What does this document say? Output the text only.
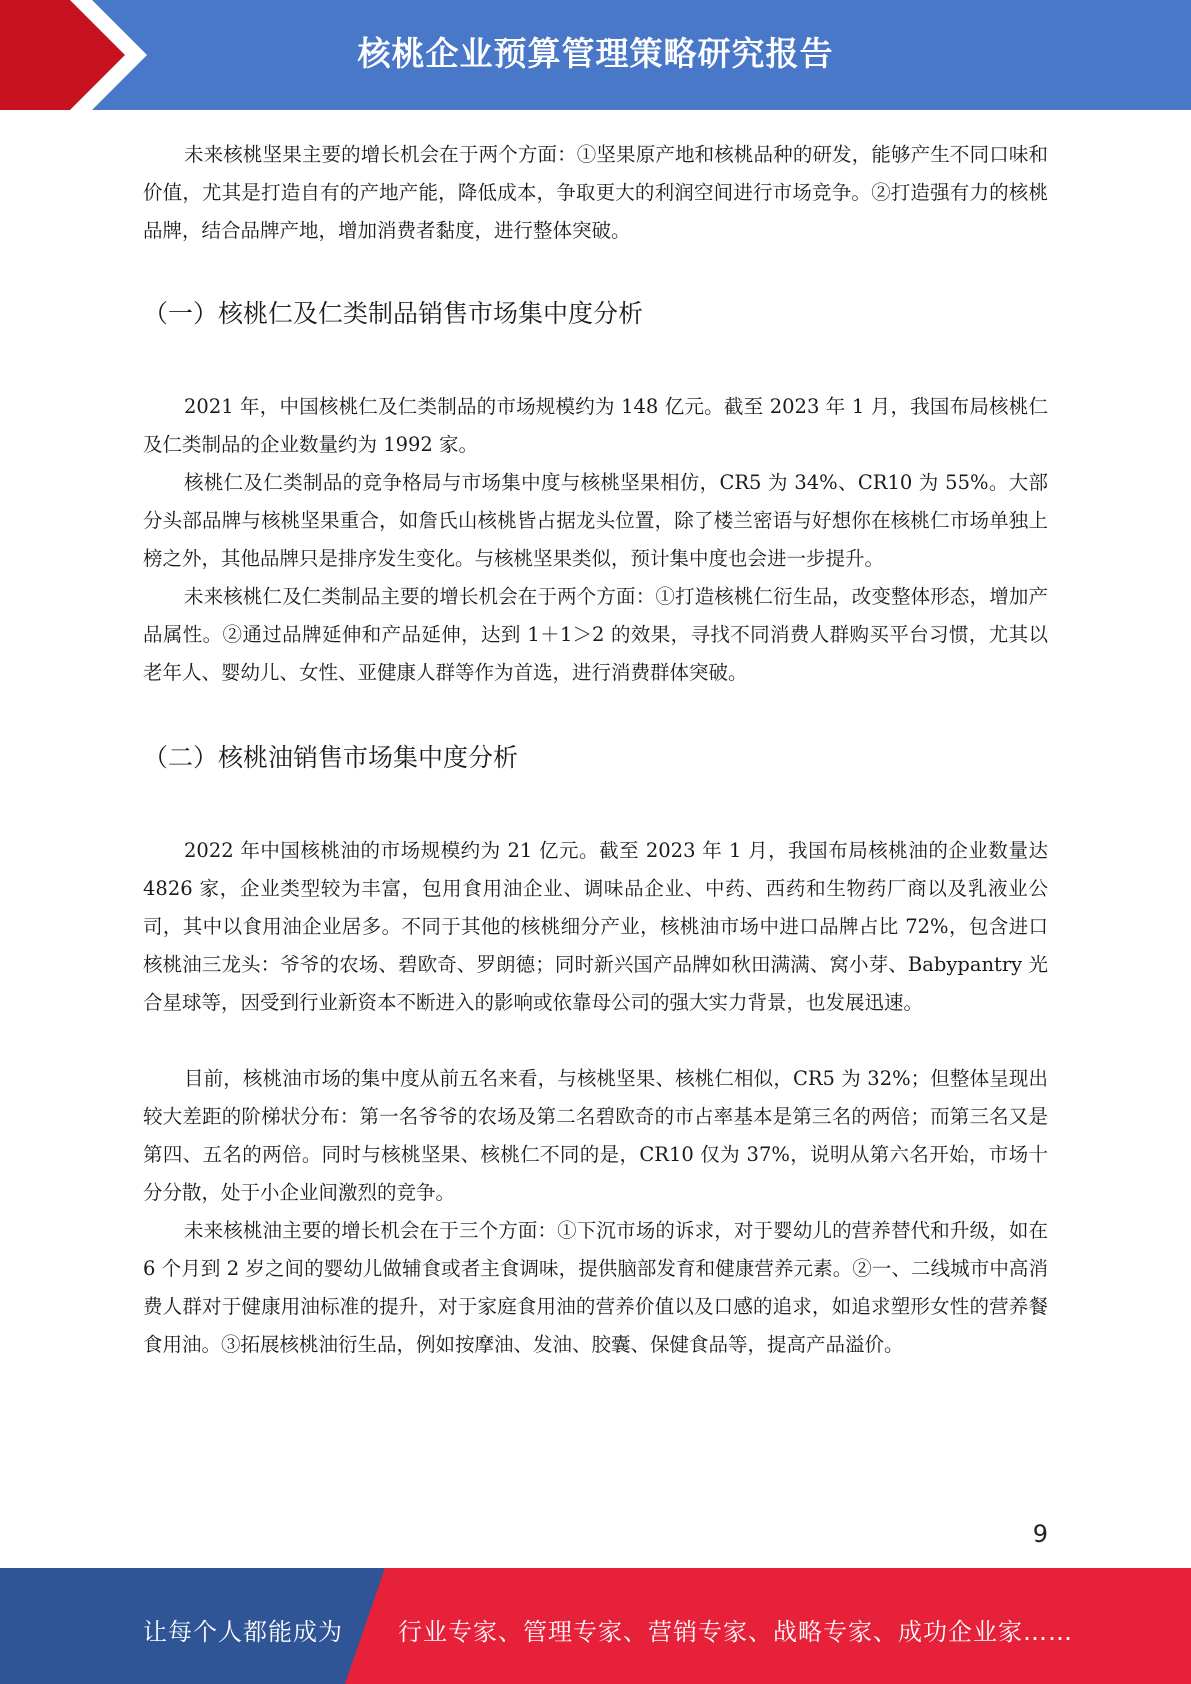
核桃企业预算管理策略研究报告

未来核桃坚果主要的增长机会在于两个方面：①坚果原产地和核桃品种的研发，能够产生不同口味和价值，尤其是打造自有的产地产能，降低成本，争取更大的利润空间进行市场竞争。②打造强有力的核桃品牌，结合品牌产地，增加消费者黏度，进行整体突破。

（一）核桃仁及仁类制品销售市场集中度分析

2021 年，中国核桃仁及仁类制品的市场规模约为 148 亿元。截至 2023 年 1 月，我国布局核桃仁及仁类制品的企业数量约为 1992 家。

核桃仁及仁类制品的竞争格局与市场集中度与核桃坚果相仿，CR5 为 34%、CR10 为 55%。大部分头部品牌与核桃坚果重合，如詹氏山核桃皆占据龙头位置，除了楼兰密语与好想你在核桃仁市场单独上榜之外，其他品牌只是排序发生变化。与核桃坚果类似，预计集中度也会进一步提升。

未来核桃仁及仁类制品主要的增长机会在于两个方面：①打造核桃仁衍生品，改变整体形态，增加产品属性。②通过品牌延伸和产品延伸，达到 1＋1＞2 的效果，寻找不同消费人群购买平台习惯，尤其以老年人、婴幼儿、女性、亚健康人群等作为首选，进行消费群体突破。

（二）核桃油销售市场集中度分析

2022 年中国核桃油的市场规模约为 21 亿元。截至 2023 年 1 月，我国布局核桃油的企业数量达 4826 家，企业类型较为丰富，包用食用油企业、调味品企业、中药、西药和生物药厂商以及乳液业公司，其中以食用油企业居多。不同于其他的核桃细分产业，核桃油市场中进口品牌占比 72%，包含进口核桃油三龙头：爷爷的农场、碧欧奇、罗朗德；同时新兴国产品牌如秋田满满、窝小芽、Babypantry 光合星球等，因受到行业新资本不断进入的影响或依靠母公司的强大实力背景，也发展迅速。

目前，核桃油市场的集中度从前五名来看，与核桃坚果、核桃仁相似，CR5 为 32%；但整体呈现出较大差距的阶梯状分布：第一名爷爷的农场及第二名碧欧奇的市占率基本是第三名的两倍；而第三名又是第四、五名的两倍。同时与核桃坚果、核桃仁不同的是，CR10 仅为 37%，说明从第六名开始，市场十分分散，处于小企业间激烈的竞争。

未来核桃油主要的增长机会在于三个方面：①下沉市场的诉求，对于婴幼儿的营养替代和升级，如在 6 个月到 2 岁之间的婴幼儿做辅食或者主食调味，提供脑部发育和健康营养元素。②一、二线城市中高消费人群对于健康用油标准的提升，对于家庭食用油的营养价值以及口感的追求，如追求塑形女性的营养餐食用油。③拓展核桃油衍生品，例如按摩油、发油、胶囊、保健食品等，提高产品溢价。

9
让每个人都能成为 行业专家、管理专家、营销专家、战略专家、成功企业家……
